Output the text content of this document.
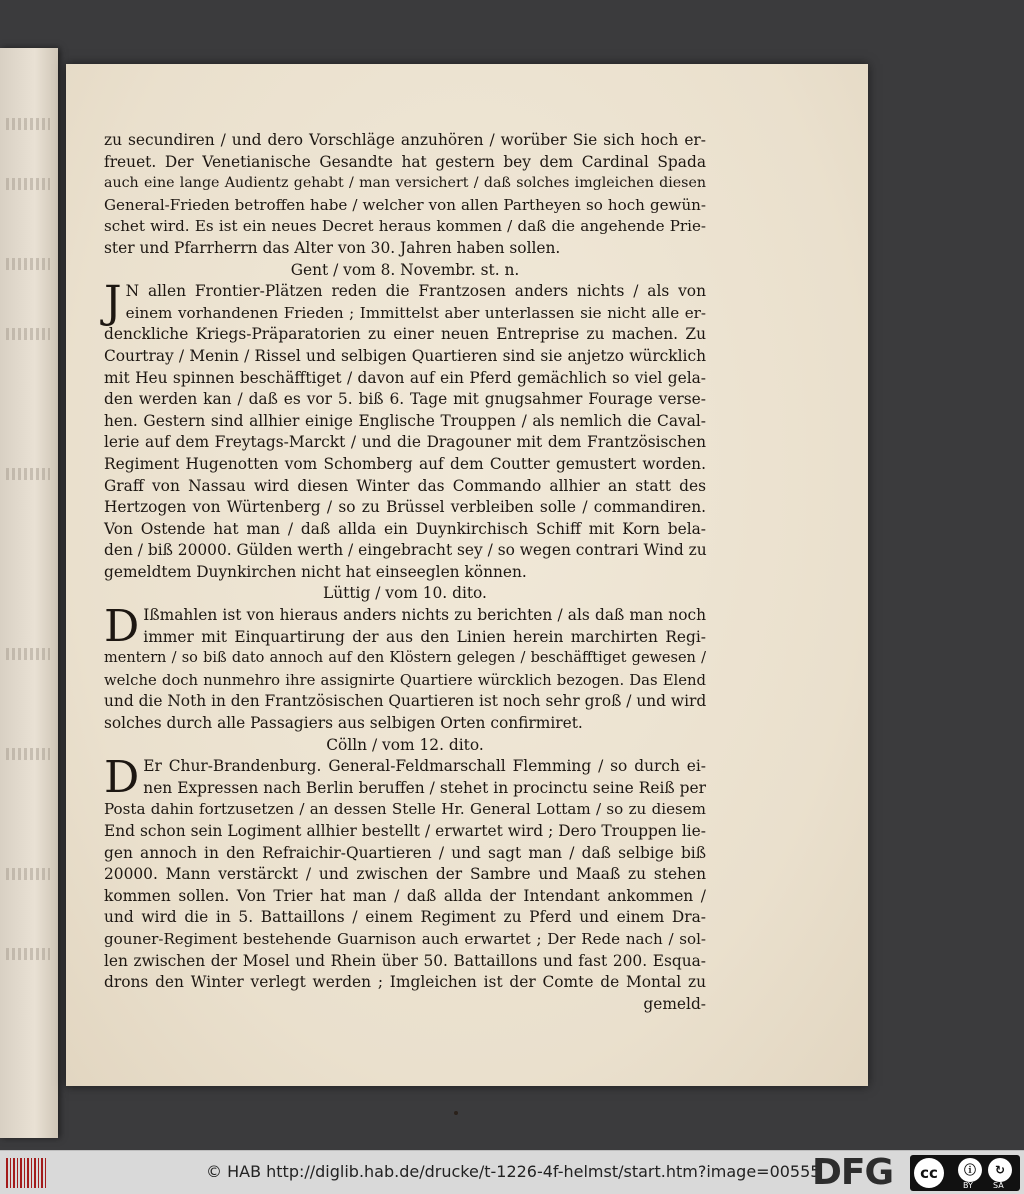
zu secundiren / und dero Vorschläge anzuhören / worüber Sie sich hoch er-
freuet. Der Venetianische Gesandte hat gestern bey dem Cardinal Spada
auch eine lange Audientz gehabt / man versichert / daß solches imgleichen diesen
General-Frieden betroffen habe / welcher von allen Partheyen so hoch gewün-
schet wird. Es ist ein neues Decret heraus kommen / daß die angehende Prie-
ster und Pfarrherrn das Alter von 30. Jahren haben sollen.
Gent / vom 8. Novembr. st. n.
J N allen Frontier-Plätzen reden die Frantzosen anders nichts / als von
einem vorhandenen Frieden ; Immittelst aber unterlassen sie nicht alle er-
denckliche Kriegs-Präparatorien zu einer neuen Entreprise zu machen. Zu
Courtray / Menin / Rissel und selbigen Quartieren sind sie anjetzo würcklich
mit Heu spinnen beschäfftiget / davon auf ein Pferd gemächlich so viel gela-
den werden kan / daß es vor 5. biß 6. Tage mit gnugsahmer Fourage verse-
hen. Gestern sind allhier einige Englische Trouppen / als nemlich die Caval-
lerie auf dem Freytags-Marckt / und die Dragouner mit dem Frantzösischen
Regiment Hugenotten vom Schomberg auf dem Coutter gemustert worden.
Graff von Nassau wird diesen Winter das Commando allhier an statt des
Hertzogen von Würtenberg / so zu Brüssel verbleiben solle / commandiren.
Von Ostende hat man / daß allda ein Duynkirchisch Schiff mit Korn bela-
den / biß 20000. Gülden werth / eingebracht sey / so wegen contrari Wind zu
gemeldtem Duynkirchen nicht hat einseeglen können.
Lüttig / vom 10. dito.
D Ißmahlen ist von hieraus anders nichts zu berichten / als daß man noch
immer mit Einquartirung der aus den Linien herein marchirten Regi-
mentern / so biß dato annoch auf den Klöstern gelegen / beschäfftiget gewesen /
welche doch nunmehro ihre assignirte Quartiere würcklich bezogen. Das Elend
und die Noth in den Frantzösischen Quartieren ist noch sehr groß / und wird
solches durch alle Passagiers aus selbigen Orten confirmiret.
Cölln / vom 12. dito.
D Er Chur-Brandenburg. General-Feldmarschall Flemming / so durch ei-
nen Expressen nach Berlin beruffen / stehet in procinctu seine Reiß per
Posta dahin fortzusetzen / an dessen Stelle Hr. General Lottam / so zu diesem
End schon sein Logiment allhier bestellt / erwartet wird ; Dero Trouppen lie-
gen annoch in den Refraichir-Quartieren / und sagt man / daß selbige biß
20000. Mann verstärckt / und zwischen der Sambre und Maaß zu stehen
kommen sollen. Von Trier hat man / daß allda der Intendant ankommen /
und wird die in 5. Battaillons / einem Regiment zu Pferd und einem Dra-
gouner-Regiment bestehende Guarnison auch erwartet ; Der Rede nach / sol-
len zwischen der Mosel und Rhein über 50. Battaillons und fast 200. Esqua-
drons den Winter verlegt werden ; Imgleichen ist der Comte de Montal zu
gemeld-
© HAB http://diglib.hab.de/drucke/t-1226-4f-helmst/start.htm?image=00555
DFG	cc	ⓘ	↻
BY	SA
